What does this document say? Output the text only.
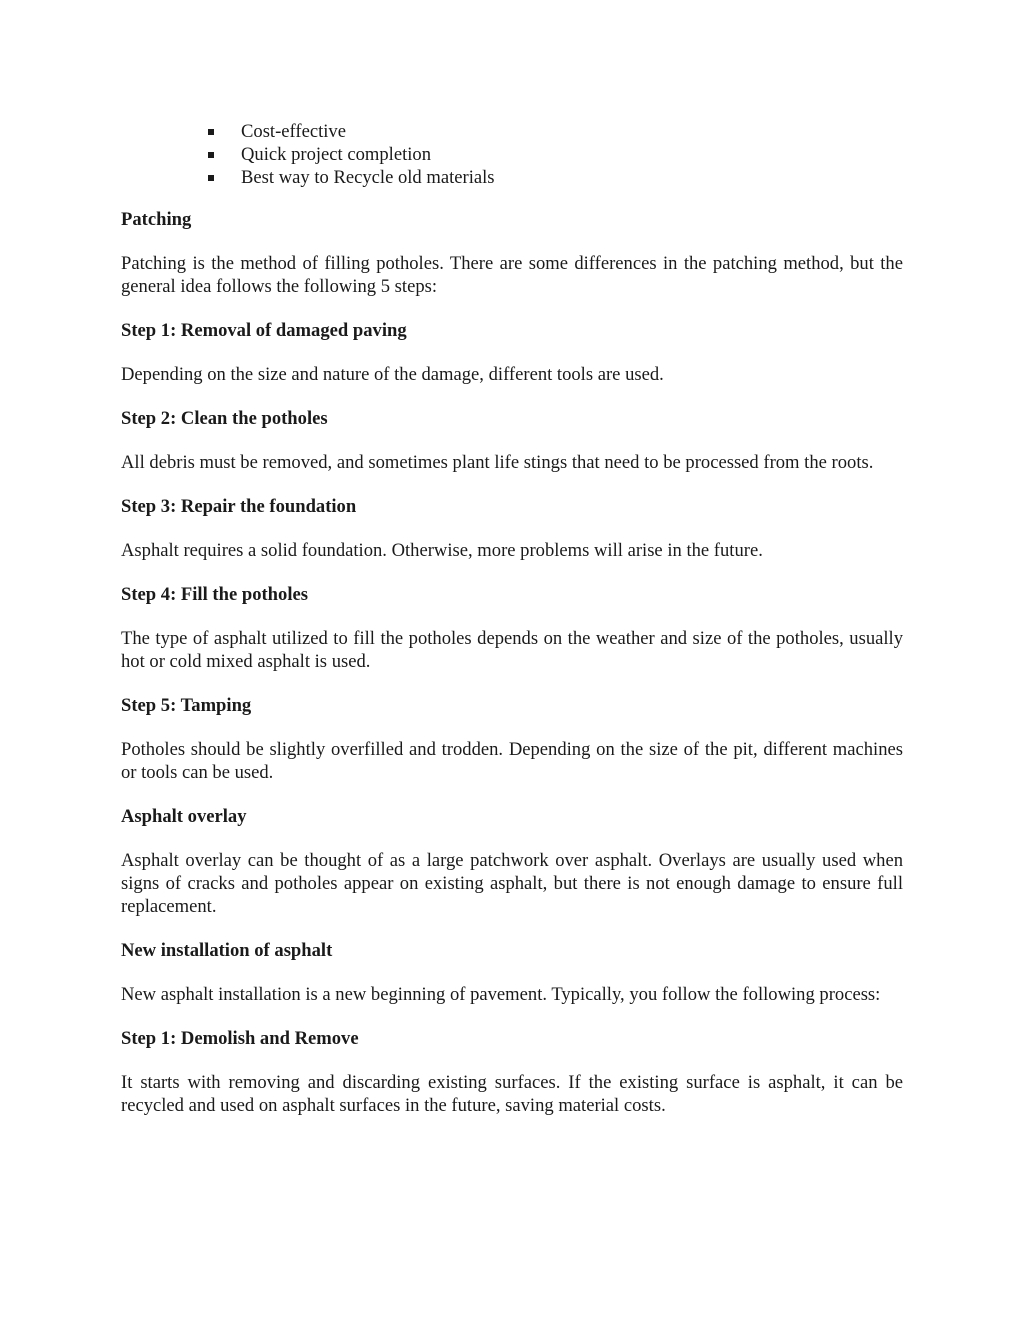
Cost-effective
Quick project completion
Best way to Recycle old materials
Patching

Patching is the method of filling potholes. There are some differences in the patching method, but the general idea follows the following 5 steps:

Step 1: Removal of damaged paving

Depending on the size and nature of the damage, different tools are used.

Step 2: Clean the potholes

All debris must be removed, and sometimes plant life stings that need to be processed from the roots.

Step 3: Repair the foundation

Asphalt requires a solid foundation. Otherwise, more problems will arise in the future.

Step 4: Fill the potholes

The type of asphalt utilized to fill the potholes depends on the weather and size of the potholes, usually hot or cold mixed asphalt is used.

Step 5: Tamping

Potholes should be slightly overfilled and trodden. Depending on the size of the pit, different machines or tools can be used.

Asphalt overlay

Asphalt overlay can be thought of as a large patchwork over asphalt. Overlays are usually used when signs of cracks and potholes appear on existing asphalt, but there is not enough damage to ensure full replacement.

New installation of asphalt

New asphalt installation is a new beginning of pavement. Typically, you follow the following process:

Step 1: Demolish and Remove

It starts with removing and discarding existing surfaces. If the existing surface is asphalt, it can be recycled and used on asphalt surfaces in the future, saving material costs.
